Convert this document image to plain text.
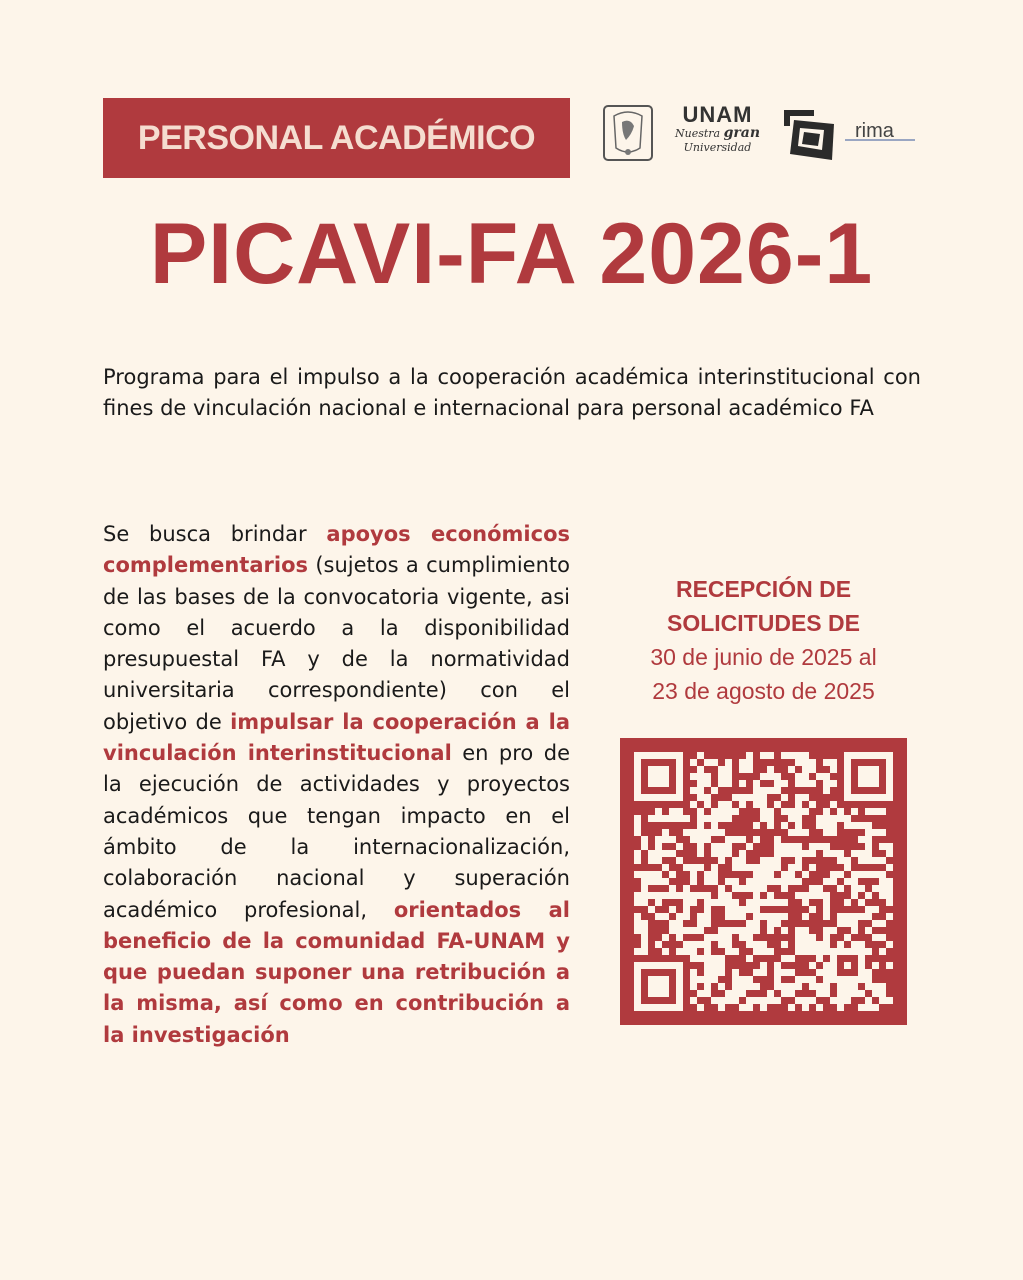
PERSONAL ACADÉMICO
UNAM
Nuestra gran
Universidad
rima
PICAVI-FA 2026-1
Programa para el impulso a la cooperación académica interinstitucional con fines de vinculación nacional e internacional para personal académico FA
Se busca brindar apoyos económicos complementarios (sujetos a cumplimiento de las bases de la convocatoria vigente, asi como el acuerdo a la disponibilidad presupuestal FA y de la normatividad universitaria correspondiente) con el objetivo de impulsar la cooperación a la vinculación interinstitucional en pro de la ejecución de actividades y proyectos académicos que tengan impacto en el ámbito de la internacionalización, colaboración nacional y superación académico profesional, orientados al beneficio de la comunidad FA-UNAM y que puedan suponer una retribución a la misma, así como en contribución a la investigación
RECEPCIÓN DE
SOLICITUDES DE
30 de junio de 2025 al
23 de agosto de 2025
